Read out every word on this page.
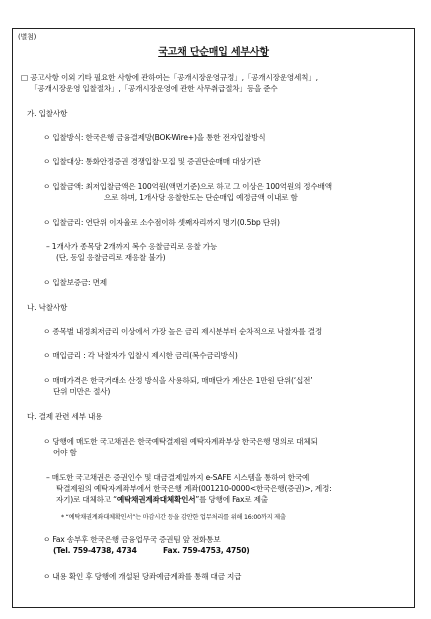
(별첨)
국고채 단순매입 세부사항
□ 공고사항 이외 기타 필요한 사항에 관하여는「공개시장운영규정」,「공개시장운영세칙」,
「공개시장운영 입찰절차」,「공개시장운영에 관한 사무취급절차」등을 준수
가. 입찰사항
ㅇ 입찰방식: 한국은행 금융결제망(BOK-Wire+)을 통한 전자입찰방식
ㅇ 입찰대상: 통화안정증권 경쟁입찰·모집 및 증권단순매매 대상기관
ㅇ 입찰금액: 최저입찰금액은 100억원(액면기준)으로 하고 그 이상은 100억원의 정수배액
으로 하며, 1개사당 응찰한도는 단순매입 예정금액 이내로 함
ㅇ 입찰금리: 연단위 이자율로 소수점이하 셋째자리까지 명기(0.5bp 단위)
– 1개사가 종목당 2개까지 복수 응찰금리로 응찰 가능
(단, 동일 응찰금리로 재응찰 불가)
ㅇ 입찰보증금: 면제
나. 낙찰사항
ㅇ 종목별 내정최저금리 이상에서 가장 높은 금리 제시분부터 순차적으로 낙찰자를 결정
ㅇ 매입금리 : 각 낙찰자가 입찰시 제시한 금리(복수금리방식)
ㅇ 매매가격은 한국거래소 산정 방식을 사용하되, 매매단가 계산은 1만원 단위(‘십전’
단위 미만은 절사)
다. 결제 관련 세부 내용
ㅇ 당행에 매도한 국고채권은 한국예탁결제원 예탁자계좌부상 한국은행 명의로 대체되
어야 함
– 매도한 국고채권은 증권인수 및 대금결제일까지 e-SAFE 시스템을 통하여 한국예
탁결제원의 예탁자계좌부에서 한국은행 계좌(001210-0000<한국은행(증권)>, 계정:
자기)로 대체하고 “예탁채권계좌대체확인서”를 당행에 Fax로 제출
* “예탁채권계좌대체확인서”는 마감시간 등을 감안한 업무처리를 위해 16:00까지 제출
ㅇ Fax 송부후 한국은행 금융업무국 증권팀 앞 전화통보
(Tel. 759-4738, 4734	Fax. 759-4753, 4750)
ㅇ 내용 확인 후 당행에 개설된 당좌예금계좌를 통해 대금 지급
